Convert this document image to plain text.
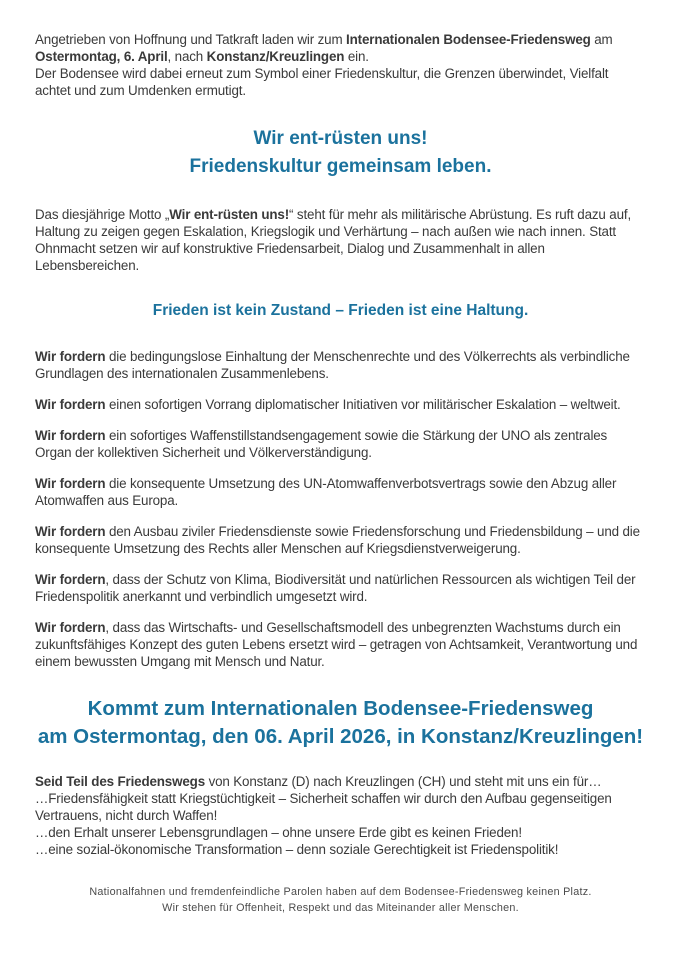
Angetrieben von Hoffnung und Tatkraft laden wir zum Internationalen Bodensee-Friedensweg am Ostermontag, 6. April, nach Konstanz/Kreuzlingen ein.
Der Bodensee wird dabei erneut zum Symbol einer Friedenskultur, die Grenzen überwindet, Vielfalt achtet und zum Umdenken ermutigt.

Wir ent-rüsten uns!
Friedenskultur gemeinsam leben.

Das diesjährige Motto „Wir ent-rüsten uns!“ steht für mehr als militärische Abrüstung. Es ruft dazu auf, Haltung zu zeigen gegen Eskalation, Kriegslogik und Verhärtung – nach außen wie nach innen. Statt Ohnmacht setzen wir auf konstruktive Friedensarbeit, Dialog und Zusammenhalt in allen Lebensbereichen.

Frieden ist kein Zustand – Frieden ist eine Haltung.

Wir fordern die bedingungslose Einhaltung der Menschenrechte und des Völkerrechts als verbindliche Grundlagen des internationalen Zusammenlebens.

Wir fordern einen sofortigen Vorrang diplomatischer Initiativen vor militärischer Eskalation – weltweit.

Wir fordern ein sofortiges Waffenstillstandsengagement sowie die Stärkung der UNO als zentrales Organ der kollektiven Sicherheit und Völkerverständigung.

Wir fordern die konsequente Umsetzung des UN-Atomwaffenverbotsvertrags sowie den Abzug aller Atomwaffen aus Europa.

Wir fordern den Ausbau ziviler Friedensdienste sowie Friedensforschung und Friedensbildung – und die konsequente Umsetzung des Rechts aller Menschen auf Kriegsdienstverweigerung.

Wir fordern, dass der Schutz von Klima, Biodiversität und natürlichen Ressourcen als wichtigen Teil der Friedenspolitik anerkannt und verbindlich umgesetzt wird.

Wir fordern, dass das Wirtschafts- und Gesellschaftsmodell des unbegrenzten Wachstums durch ein zukunftsfähiges Konzept des guten Lebens ersetzt wird – getragen von Achtsamkeit, Verantwortung und einem bewussten Umgang mit Mensch und Natur.

Kommt zum Internationalen Bodensee-Friedensweg
am Ostermontag, den 06. April 2026, in Konstanz/Kreuzlingen!

Seid Teil des Friedenswegs von Konstanz (D) nach Kreuzlingen (CH) und steht mit uns ein für…
…Friedensfähigkeit statt Kriegstüchtigkeit – Sicherheit schaffen wir durch den Aufbau gegenseitigen Vertrauens, nicht durch Waffen!
…den Erhalt unserer Lebensgrundlagen – ohne unsere Erde gibt es keinen Frieden!
…eine sozial-ökonomische Transformation – denn soziale Gerechtigkeit ist Friedenspolitik!

Nationalfahnen und fremdenfeindliche Parolen haben auf dem Bodensee-Friedensweg keinen Platz.
Wir stehen für Offenheit, Respekt und das Miteinander aller Menschen.
